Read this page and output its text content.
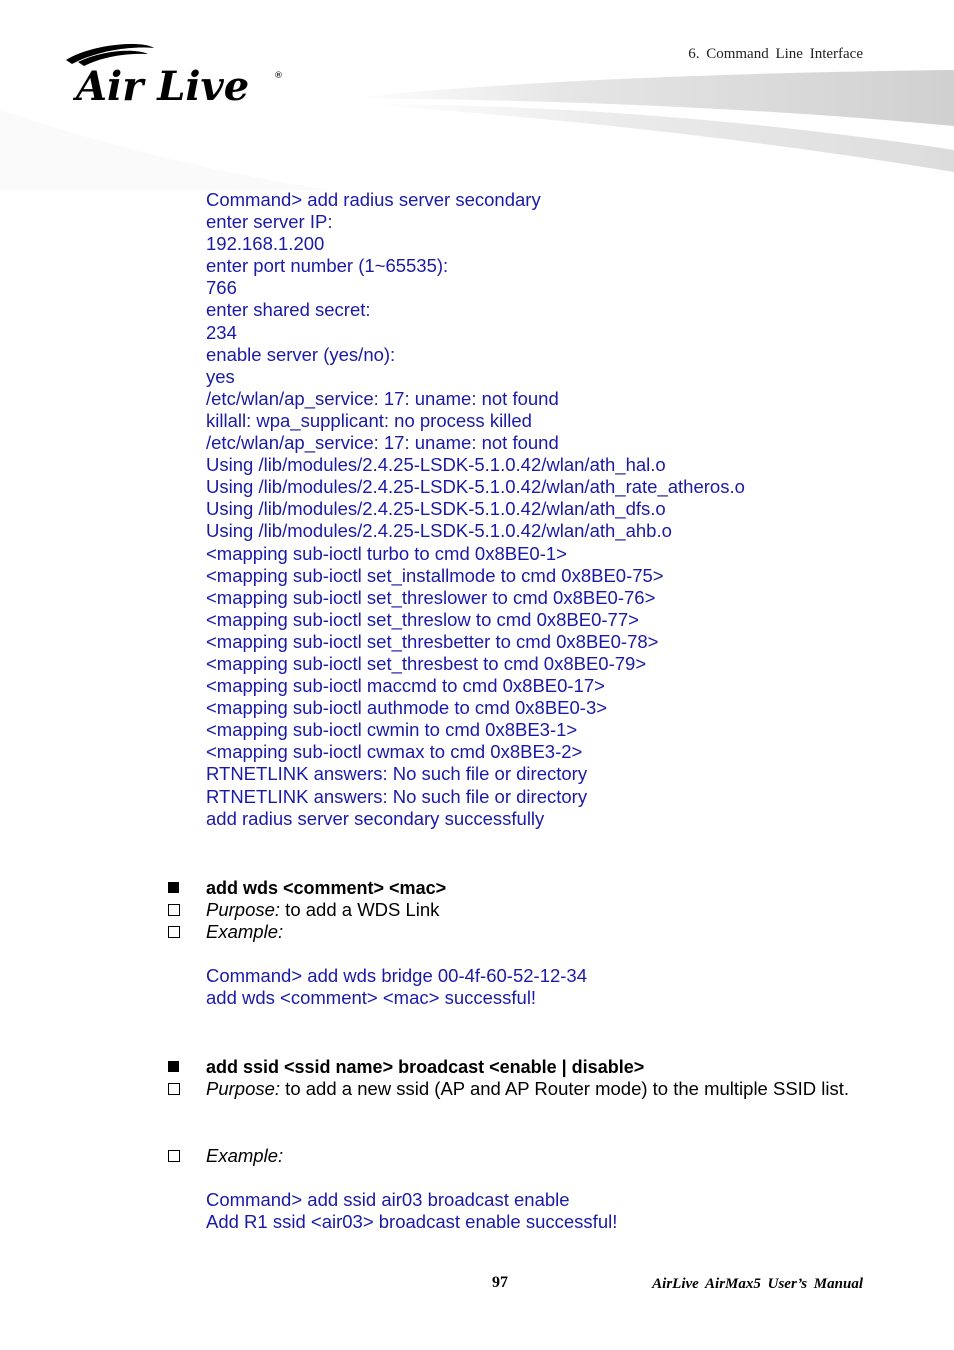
Air Live	®
6. Command Line Interface
Command> add radius server secondary
enter server IP:
192.168.1.200
enter port number (1~65535):
766
enter shared secret:
234
enable server (yes/no):
yes
/etc/wlan/ap_service: 17: uname: not found
killall: wpa_supplicant: no process killed
/etc/wlan/ap_service: 17: uname: not found
Using /lib/modules/2.4.25-LSDK-5.1.0.42/wlan/ath_hal.o
Using /lib/modules/2.4.25-LSDK-5.1.0.42/wlan/ath_rate_atheros.o
Using /lib/modules/2.4.25-LSDK-5.1.0.42/wlan/ath_dfs.o
Using /lib/modules/2.4.25-LSDK-5.1.0.42/wlan/ath_ahb.o
<mapping sub-ioctl turbo to cmd 0x8BE0-1>
<mapping sub-ioctl set_installmode to cmd 0x8BE0-75>
<mapping sub-ioctl set_threslower to cmd 0x8BE0-76>
<mapping sub-ioctl set_threslow to cmd 0x8BE0-77>
<mapping sub-ioctl set_thresbetter to cmd 0x8BE0-78>
<mapping sub-ioctl set_thresbest to cmd 0x8BE0-79>
<mapping sub-ioctl maccmd to cmd 0x8BE0-17>
<mapping sub-ioctl authmode to cmd 0x8BE0-3>
<mapping sub-ioctl cwmin to cmd 0x8BE3-1>
<mapping sub-ioctl cwmax to cmd 0x8BE3-2>
RTNETLINK answers: No such file or directory
RTNETLINK answers: No such file or directory
add radius server secondary successfully
add wds <comment> <mac>
Purpose: to add a WDS Link
Example:
Command> add wds bridge 00-4f-60-52-12-34
add wds <comment> <mac> successful!
add ssid <ssid name> broadcast <enable | disable>
Purpose: to add a new ssid (AP and AP Router mode) to the multiple SSID list.
Example:
Command> add ssid air03 broadcast enable
Add R1 ssid <air03> broadcast enable successful!
97	AirLive AirMax5 User’s Manual
